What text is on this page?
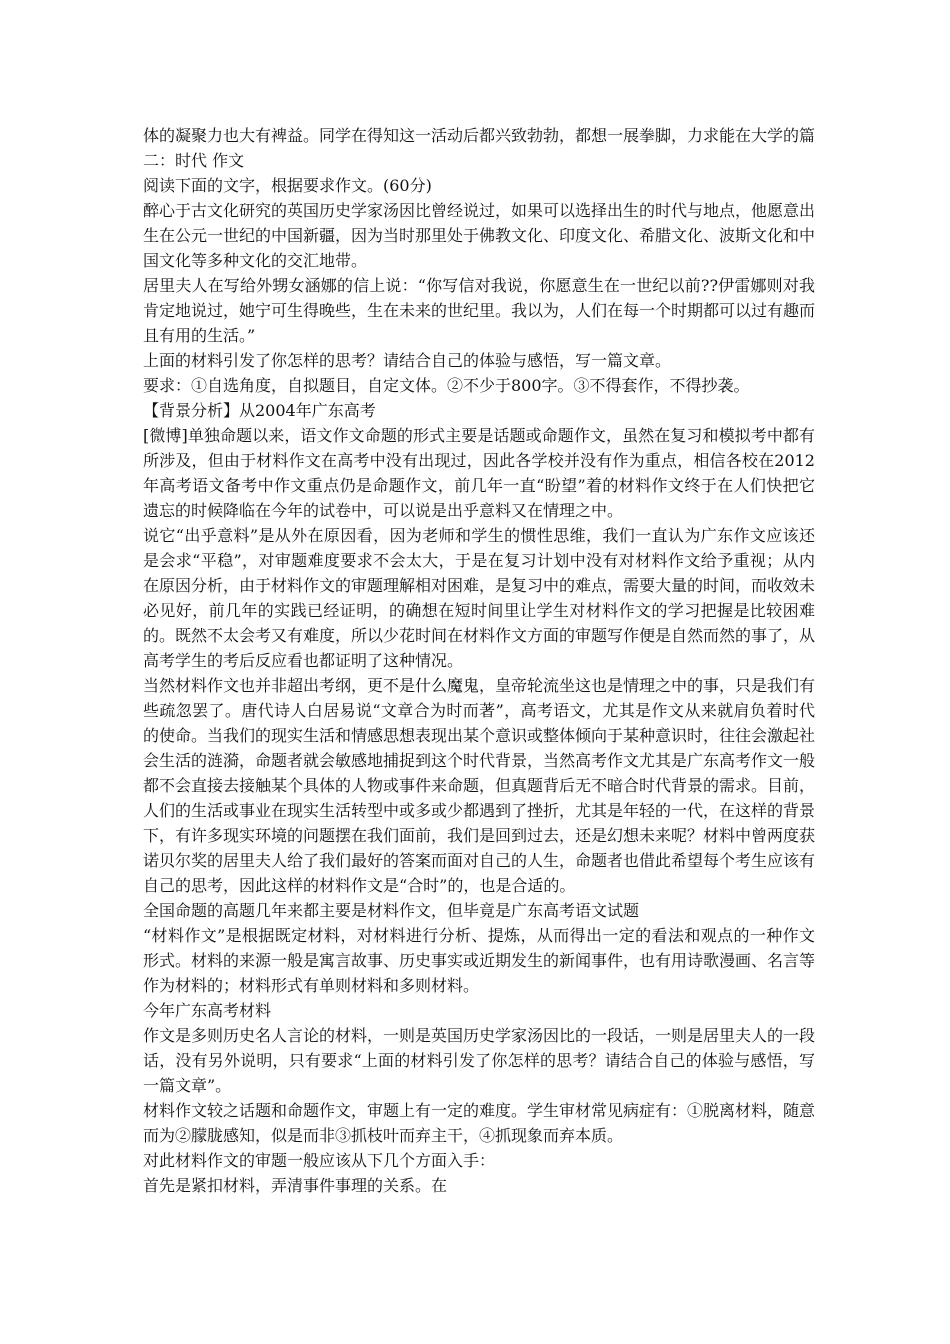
体的凝聚力也大有裨益。同学在得知这一活动后都兴致勃勃，都想一展拳脚，力求能在大学的篇二：时代 作文

阅读下面的文字，根据要求作文。(60分)

醉心于古文化研究的英国历史学家汤因比曾经说过，如果可以选择出生的时代与地点，他愿意出生在公元一世纪的中国新疆，因为当时那里处于佛教文化、印度文化、希腊文化、波斯文化和中国文化等多种文化的交汇地带。

居里夫人在写给外甥女涵娜的信上说：“你写信对我说，你愿意生在一世纪以前??伊雷娜则对我肯定地说过，她宁可生得晚些，生在未来的世纪里。我以为，人们在每一个时期都可以过有趣而且有用的生活。”

上面的材料引发了你怎样的思考？请结合自己的体验与感悟，写一篇文章。

要求：①自选角度，自拟题目，自定文体。②不少于800字。③不得套作，不得抄袭。

【背景分析】从2004年广东高考

[微博]单独命题以来，语文作文命题的形式主要是话题或命题作文，虽然在复习和模拟考中都有所涉及，但由于材料作文在高考中没有出现过，因此各学校并没有作为重点，相信各校在2012年高考语文备考中作文重点仍是命题作文，前几年一直“盼望”着的材料作文终于在人们快把它遗忘的时候降临在今年的试卷中，可以说是出乎意料又在情理之中。

说它“出乎意料”是从外在原因看，因为老师和学生的惯性思维，我们一直认为广东作文应该还是会求“平稳”，对审题难度要求不会太大，于是在复习计划中没有对材料作文给予重视；从内在原因分析，由于材料作文的审题理解相对困难，是复习中的难点，需要大量的时间，而收效未必见好，前几年的实践已经证明，的确想在短时间里让学生对材料作文的学习把握是比较困难的。既然不太会考又有难度，所以少花时间在材料作文方面的审题写作便是自然而然的事了，从高考学生的考后反应看也都证明了这种情况。

当然材料作文也并非超出考纲，更不是什么魔鬼，皇帝轮流坐这也是情理之中的事，只是我们有些疏忽罢了。唐代诗人白居易说“文章合为时而著”，高考语文，尤其是作文从来就肩负着时代的使命。当我们的现实生活和情感思想表现出某个意识或整体倾向于某种意识时，往往会激起社会生活的涟漪，命题者就会敏感地捕捉到这个时代背景，当然高考作文尤其是广东高考作文一般都不会直接去接触某个具体的人物或事件来命题，但真题背后无不暗合时代背景的需求。目前，人们的生活或事业在现实生活转型中或多或少都遇到了挫折，尤其是年轻的一代，在这样的背景下，有许多现实环境的问题摆在我们面前，我们是回到过去，还是幻想未来呢？材料中曾两度获诺贝尔奖的居里夫人给了我们最好的答案而面对自己的人生，命题者也借此希望每个考生应该有自己的思考，因此这样的材料作文是“合时”的，也是合适的。

全国命题的高题几年来都主要是材料作文，但毕竟是广东高考语文试题

“材料作文”是根据既定材料，对材料进行分析、提炼，从而得出一定的看法和观点的一种作文形式。材料的来源一般是寓言故事、历史事实或近期发生的新闻事件，也有用诗歌漫画、名言等作为材料的；材料形式有单则材料和多则材料。

今年广东高考材料

作文是多则历史名人言论的材料，一则是英国历史学家汤因比的一段话，一则是居里夫人的一段话，没有另外说明，只有要求“上面的材料引发了你怎样的思考？请结合自己的体验与感悟，写一篇文章”。

材料作文较之话题和命题作文，审题上有一定的难度。学生审材常见病症有：①脱离材料，随意而为②朦胧感知，似是而非③抓枝叶而弃主干，④抓现象而弃本质。

对此材料作文的审题一般应该从下几个方面入手：

首先是紧扣材料，弄清事件事理的关系。在
